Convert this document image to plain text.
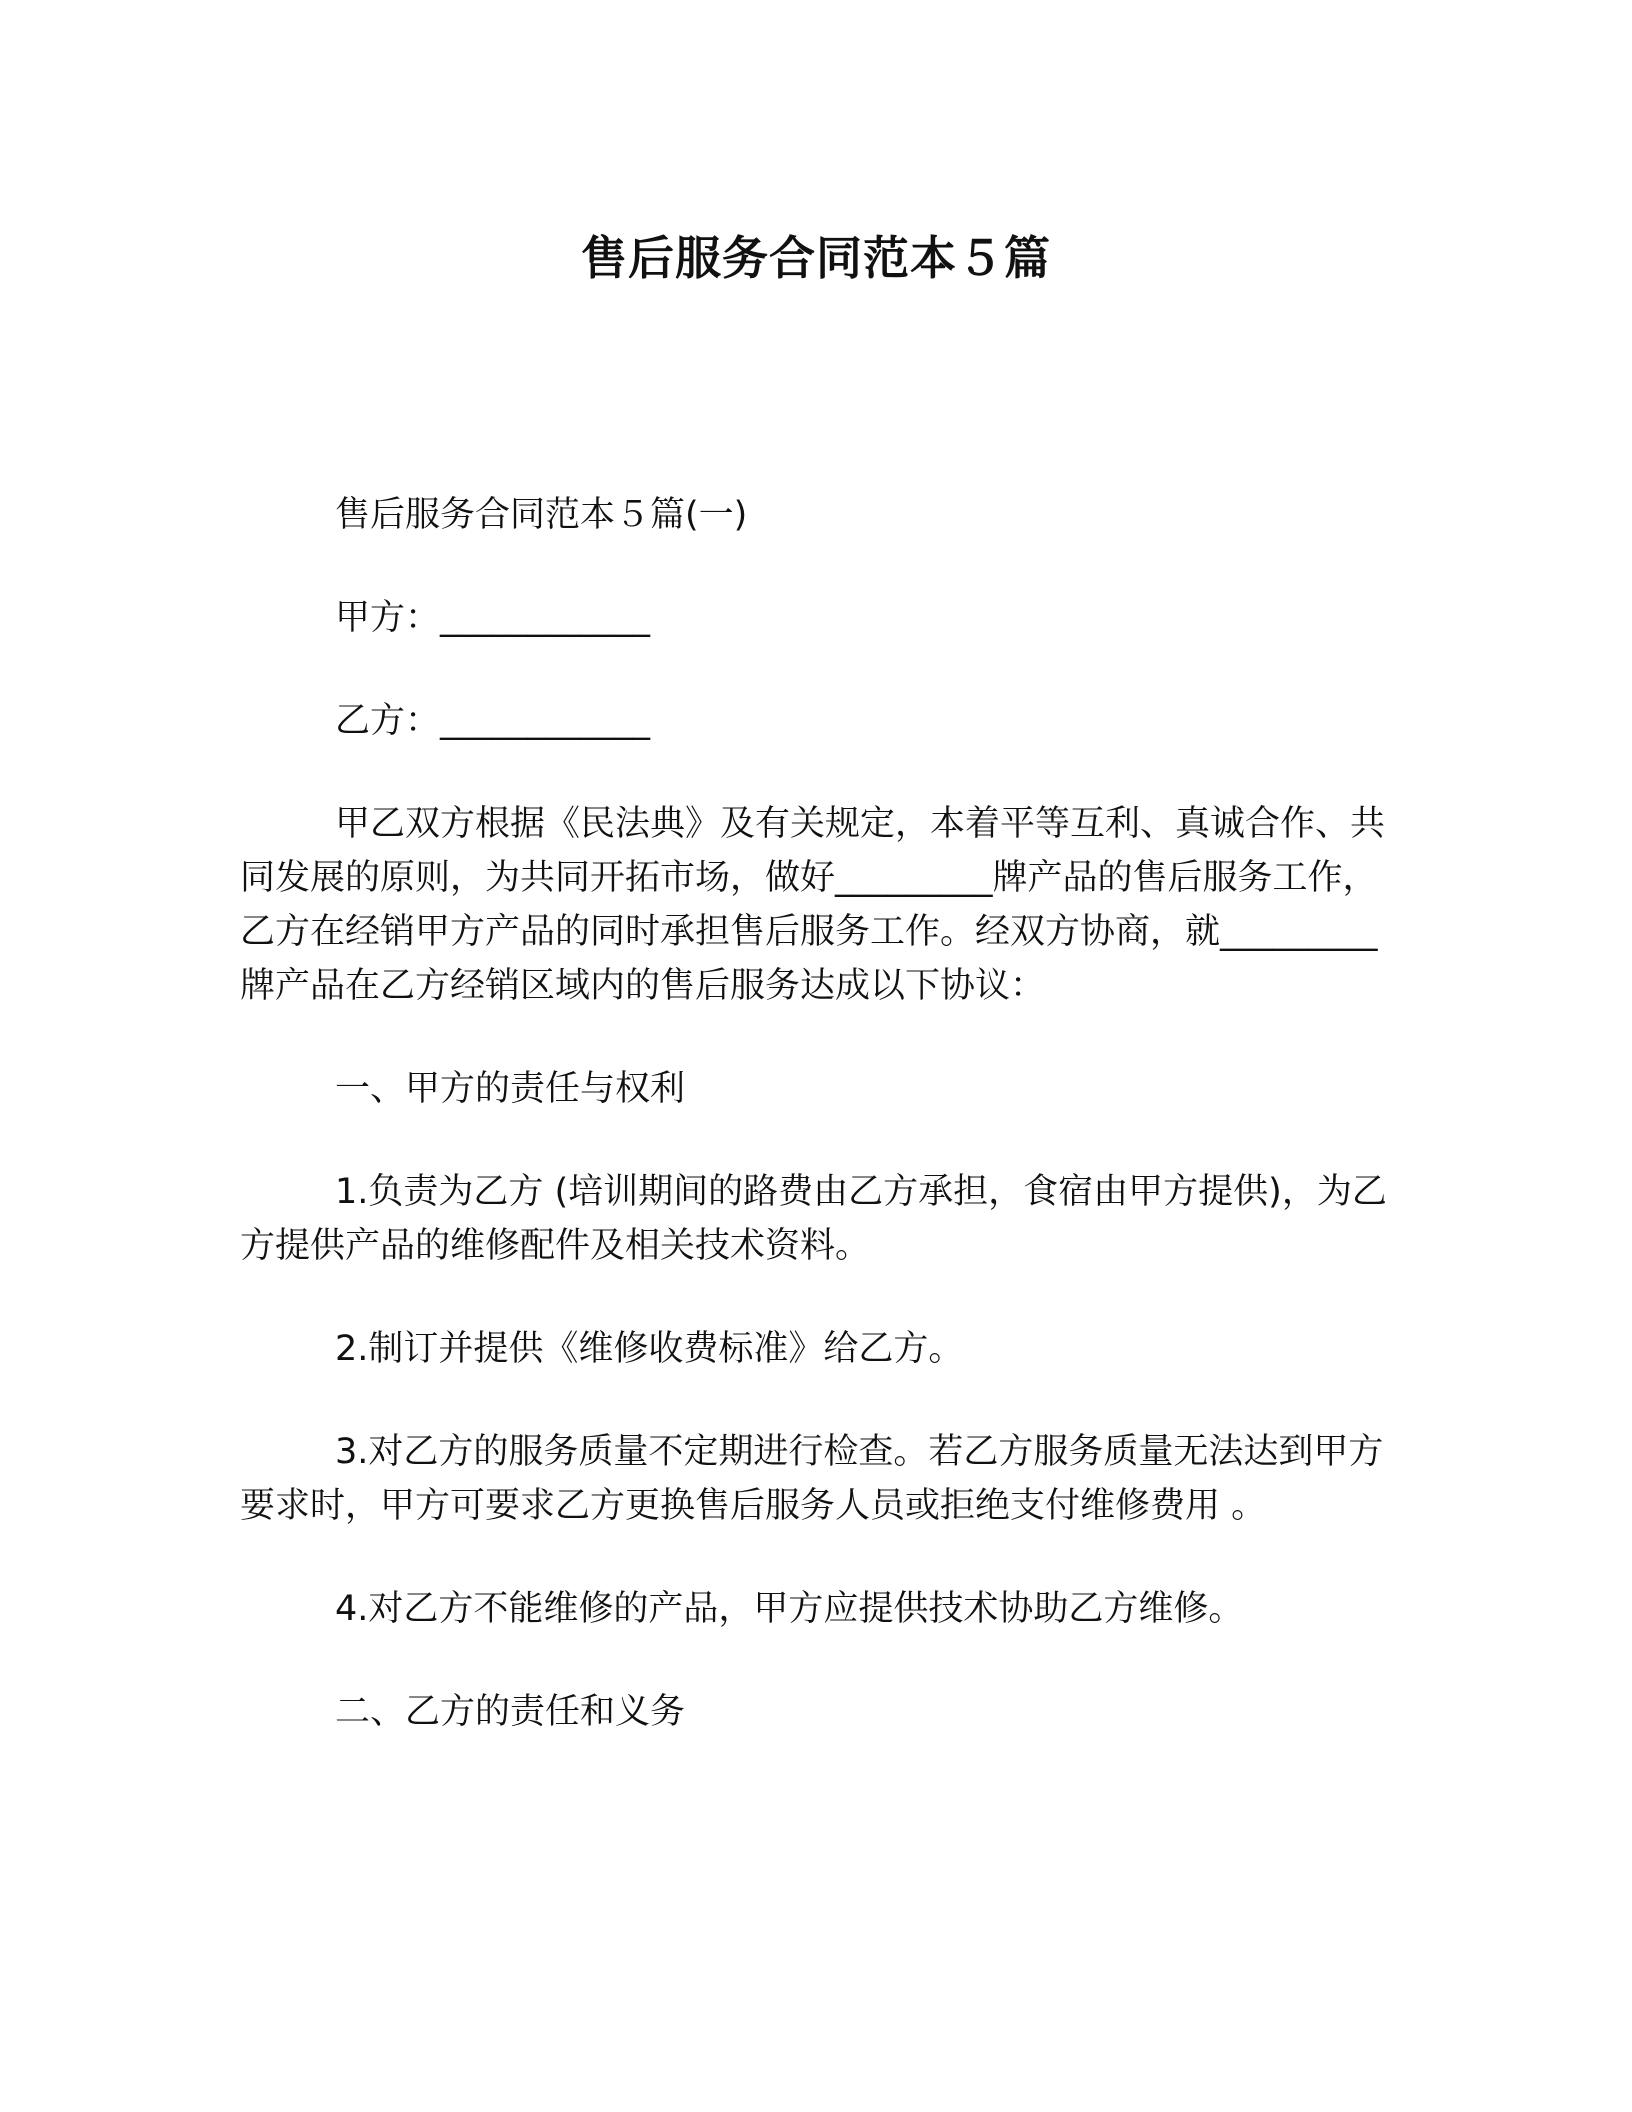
售后服务合同范本５篇

售后服务合同范本５篇(一)

甲方：____________

乙方：____________

甲乙双方根据《民法典》及有关规定，本着平等互利、真诚合作、共同发展的原则，为共同开拓市场，做好_________牌产品的售后服务工作，乙方在经销甲方产品的同时承担售后服务工作。经双方协商，就_________牌产品在乙方经销区域内的售后服务达成以下协议：

一、甲方的责任与权利

1.负责为乙方 (培训期间的路费由乙方承担，食宿由甲方提供)，为乙方提供产品的维修配件及相关技术资料。

2.制订并提供《维修收费标准》给乙方。

3.对乙方的服务质量不定期进行检查。若乙方服务质量无法达到甲方要求时，甲方可要求乙方更换售后服务人员或拒绝支付维修费用 。

4.对乙方不能维修的产品，甲方应提供技术协助乙方维修。

二、乙方的责任和义务
